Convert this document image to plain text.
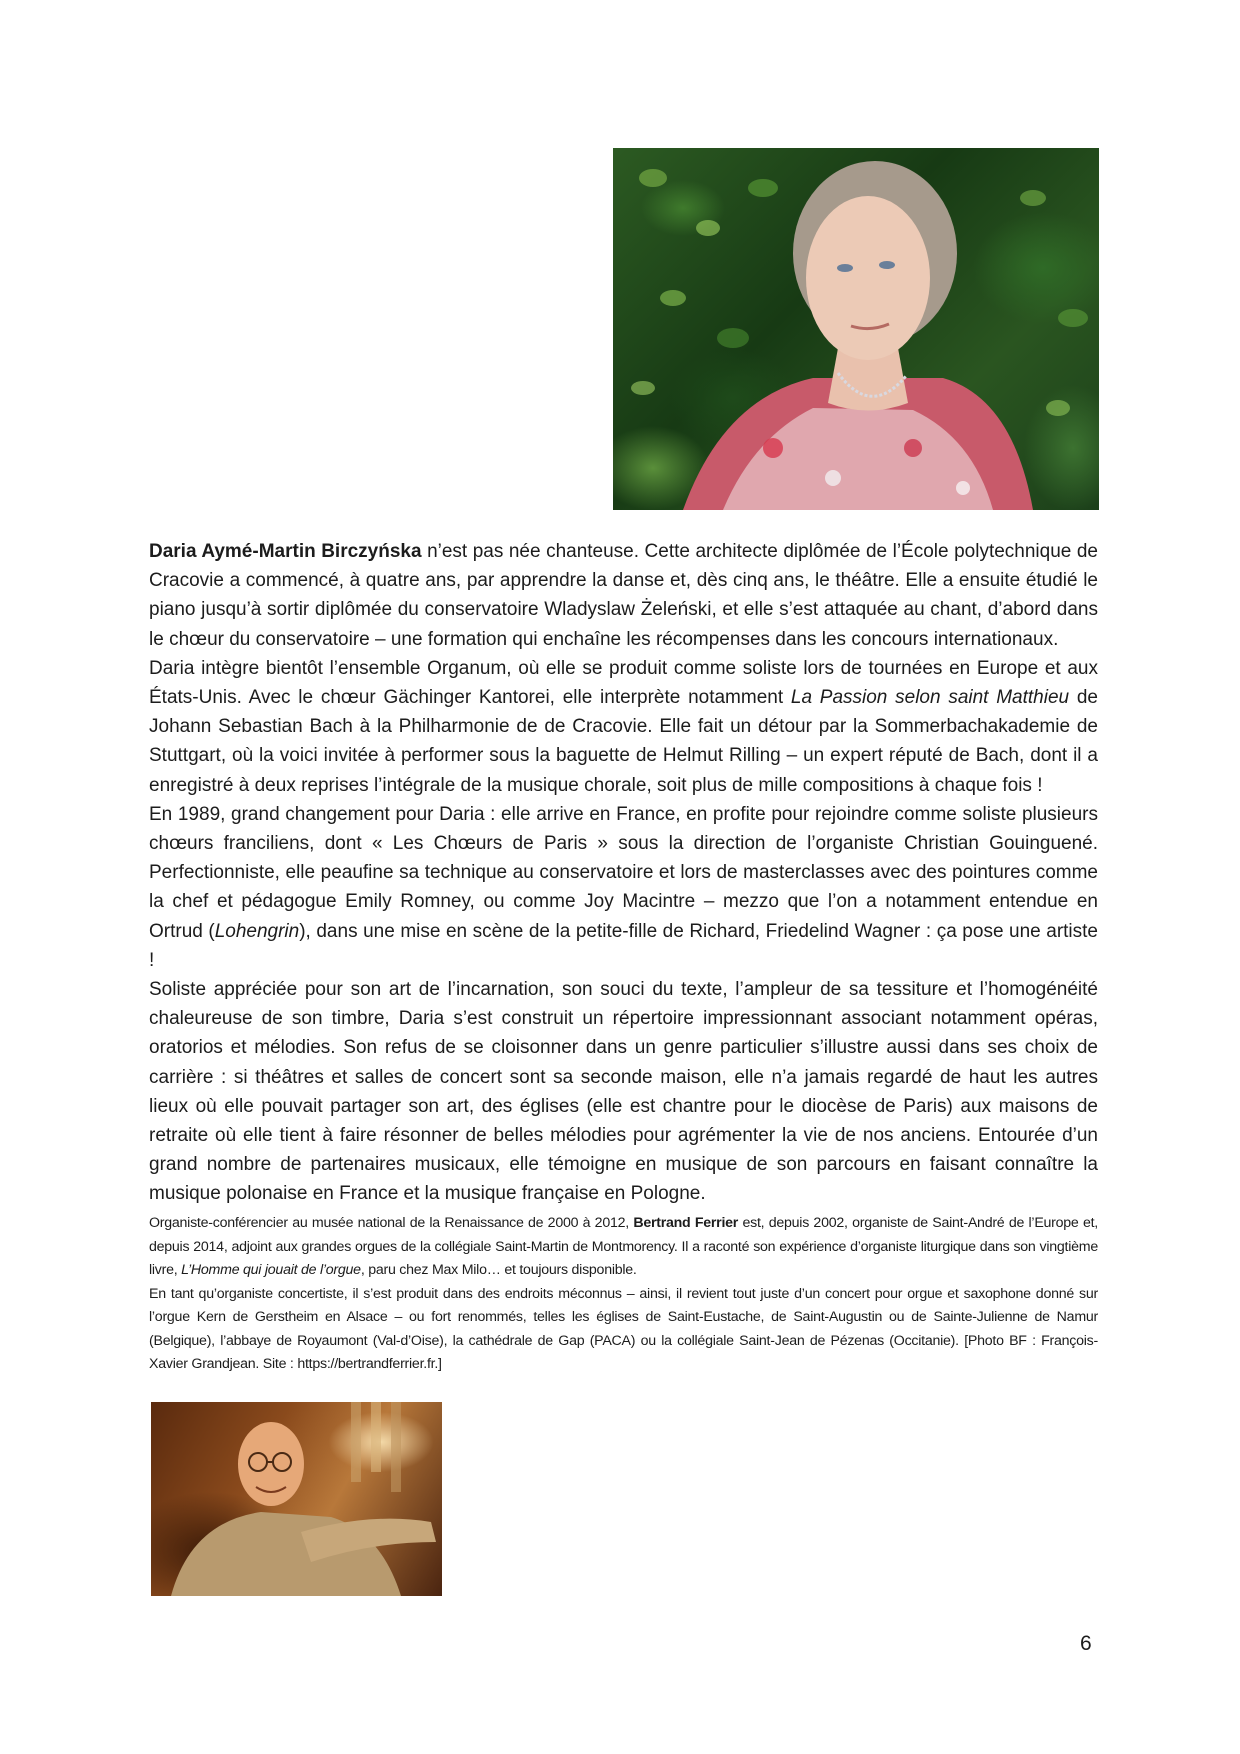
Daria Aymé-Martin Birczyńska n’est pas née chanteuse. Cette architecte diplômée de l’École polytechnique de Cracovie a commencé, à quatre ans, par apprendre la danse et, dès cinq ans, le théâtre. Elle a ensuite étudié le piano jusqu’à sortir diplômée du conservatoire Wladyslaw Żeleński, et elle s’est attaquée au chant, d’abord dans le chœur du conservatoire – une formation qui enchaîne les récompenses dans les concours internationaux.

Daria intègre bientôt l’ensemble Organum, où elle se produit comme soliste lors de tournées en Europe et aux États-Unis. Avec le chœur Gächinger Kantorei, elle interprète notamment La Passion selon saint Matthieu de Johann Sebastian Bach à la Philharmonie de de Cracovie. Elle fait un détour par la Sommerbachakademie de Stuttgart, où la voici invitée à performer sous la baguette de Helmut Rilling – un expert réputé de Bach, dont il a enregistré à deux reprises l’intégrale de la musique chorale, soit plus de mille compositions à chaque fois !

En 1989, grand changement pour Daria : elle arrive en France, en profite pour rejoindre comme soliste plusieurs chœurs franciliens, dont « Les Chœurs de Paris » sous la direction de l’organiste Christian Gouinguené. Perfectionniste, elle peaufine sa technique au conservatoire et lors de masterclasses avec des pointures comme la chef et pédagogue Emily Romney, ou comme Joy Macintre – mezzo que l’on a notamment entendue en Ortrud (Lohengrin), dans une mise en scène de la petite-fille de Richard, Friedelind Wagner : ça pose une artiste !

Soliste appréciée pour son art de l’incarnation, son souci du texte, l’ampleur de sa tessiture et l’homogénéité chaleureuse de son timbre, Daria s’est construit un répertoire impressionnant associant notamment opéras, oratorios et mélodies. Son refus de se cloisonner dans un genre particulier s’illustre aussi dans ses choix de carrière : si théâtres et salles de concert sont sa seconde maison, elle n’a jamais regardé de haut les autres lieux où elle pouvait partager son art, des églises (elle est chantre pour le diocèse de Paris) aux maisons de retraite où elle tient à faire résonner de belles mélodies pour agrémenter la vie de nos anciens. Entourée d’un grand nombre de partenaires musicaux, elle témoigne en musique de son parcours en faisant connaître la musique polonaise en France et la musique française en Pologne.

Organiste-conférencier au musée national de la Renaissance de 2000 à 2012, Bertrand Ferrier est, depuis 2002, organiste de Saint-André de l’Europe et, depuis 2014, adjoint aux grandes orgues de la collégiale Saint-Martin de Montmorency. Il a raconté son expérience d’organiste liturgique dans son vingtième livre, L’Homme qui jouait de l’orgue, paru chez Max Milo… et toujours disponible.

En tant qu’organiste concertiste, il s’est produit dans des endroits méconnus – ainsi, il revient tout juste d’un concert pour orgue et saxophone donné sur l’orgue Kern de Gerstheim en Alsace – ou fort renommés, telles les églises de Saint-Eustache, de Saint-Augustin ou de Sainte-Julienne de Namur (Belgique), l’abbaye de Royaumont (Val-d’Oise), la cathédrale de Gap (PACA) ou la collégiale Saint-Jean de Pézenas (Occitanie). [Photo BF : François-Xavier Grandjean. Site : https://bertrandferrier.fr.]

6
